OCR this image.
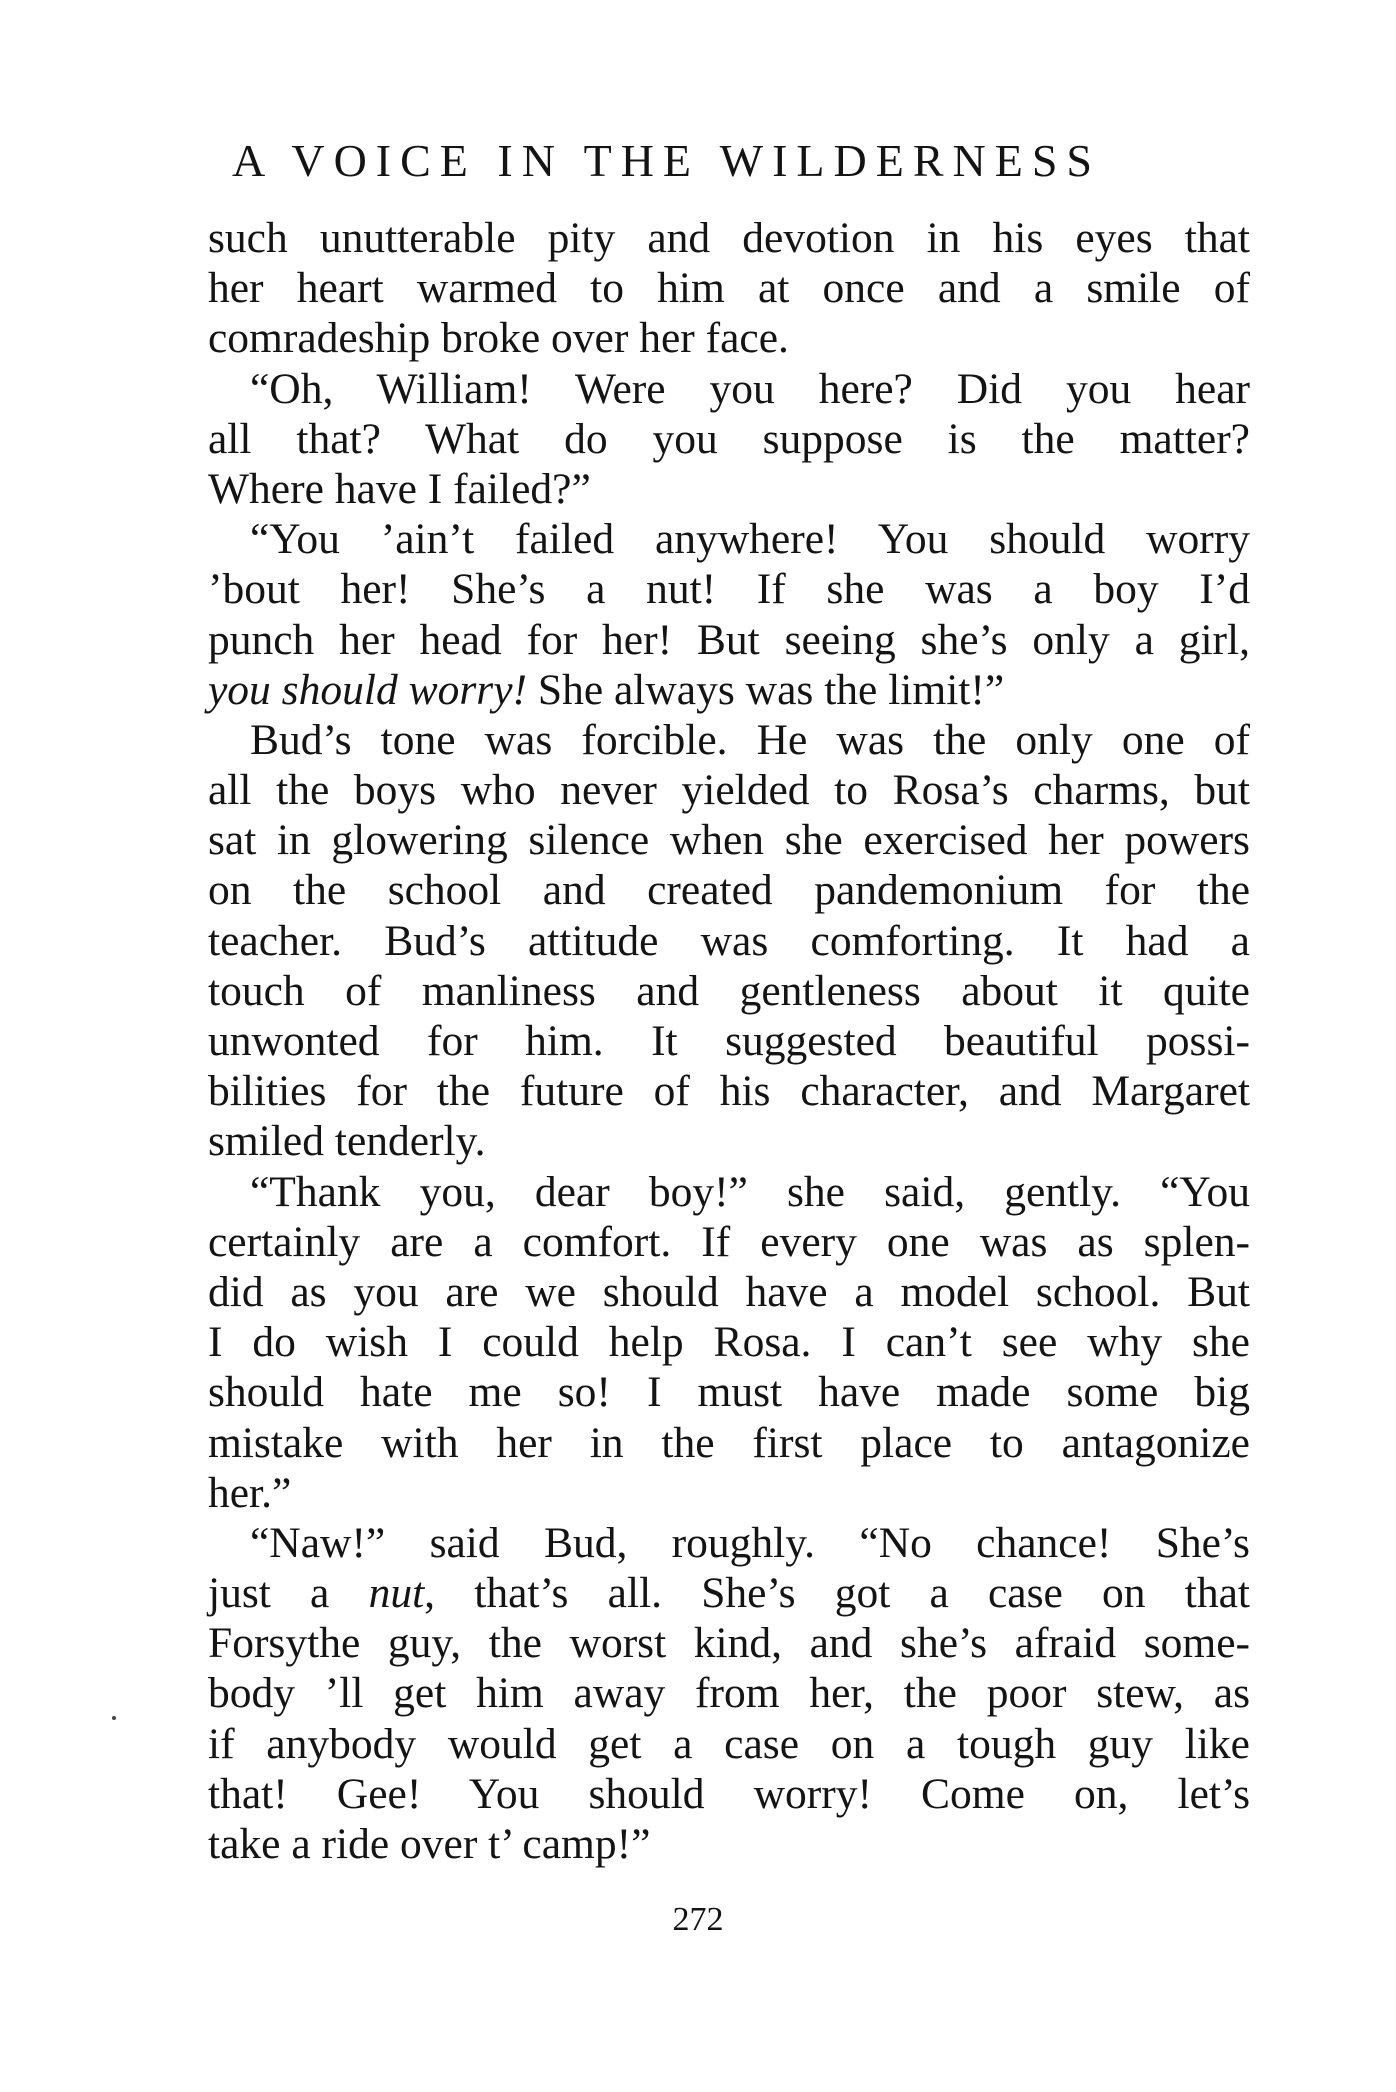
A VOICE IN THE WILDERNESS
such unutterable pity and devotion in his eyes that
her heart warmed to him at once and a smile of
comradeship broke over her face.
“Oh, William! Were you here? Did you hear
all that? What do you suppose is the matter?
Where have I failed?”
“You ’ain’t failed anywhere! You should worry
’bout her! She’s a nut! If she was a boy I’d
punch her head for her! But seeing she’s only a girl,
you should worry! She always was the limit!”
Bud’s tone was forcible. He was the only one of
all the boys who never yielded to Rosa’s charms, but
sat in glowering silence when she exercised her powers
on the school and created pandemonium for the
teacher. Bud’s attitude was comforting. It had a
touch of manliness and gentleness about it quite
unwonted for him. It suggested beautiful possi-
bilities for the future of his character, and Margaret
smiled tenderly.
“Thank you, dear boy!” she said, gently. “You
certainly are a comfort. If every one was as splen-
did as you are we should have a model school. But
I do wish I could help Rosa. I can’t see why she
should hate me so! I must have made some big
mistake with her in the first place to antagonize
her.”
“Naw!” said Bud, roughly. “No chance! She’s
just a nut, that’s all. She’s got a case on that
Forsythe guy, the worst kind, and she’s afraid some-
body ’ll get him away from her, the poor stew, as
if anybody would get a case on a tough guy like
that! Gee! You should worry! Come on, let’s
take a ride over t’ camp!”
272
